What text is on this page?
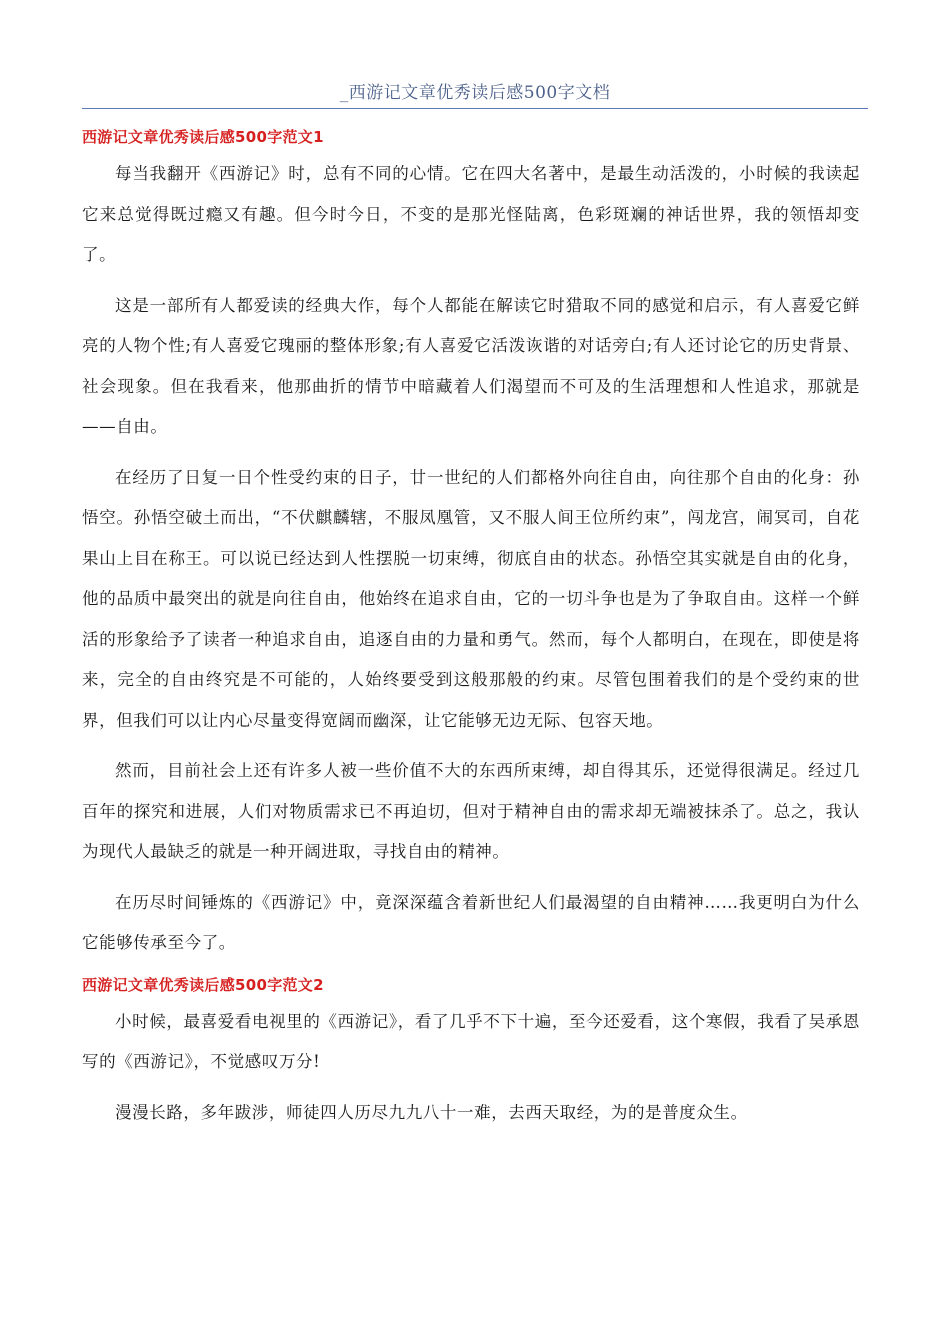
_西游记文章优秀读后感500字文档
西游记文章优秀读后感500字范文1

每当我翻开《西游记》时，总有不同的心情。它在四大名著中，是最生动活泼的，小时候的我读起它来总觉得既过瘾又有趣。但今时今日，不变的是那光怪陆离，色彩斑斓的神话世界，我的领悟却变了。

这是一部所有人都爱读的经典大作，每个人都能在解读它时猎取不同的感觉和启示，有人喜爱它鲜亮的人物个性;有人喜爱它瑰丽的整体形象;有人喜爱它活泼诙谐的对话旁白;有人还讨论它的历史背景、社会现象。但在我看来，他那曲折的情节中暗藏着人们渴望而不可及的生活理想和人性追求，那就是——自由。

在经历了日复一日个性受约束的日子，廿一世纪的人们都格外向往自由，向往那个自由的化身：孙悟空。孙悟空破土而出，“不伏麒麟辖，不服凤凰管，又不服人间王位所约束”，闯龙宫，闹冥司，自花果山上目在称王。可以说已经达到人性摆脱一切束缚，彻底自由的状态。孙悟空其实就是自由的化身，他的品质中最突出的就是向往自由，他始终在追求自由，它的一切斗争也是为了争取自由。这样一个鲜活的形象给予了读者一种追求自由，追逐自由的力量和勇气。然而，每个人都明白，在现在，即使是将来，完全的自由终究是不可能的，人始终要受到这般那般的约束。尽管包围着我们的是个受约束的世界，但我们可以让内心尽量变得宽阔而幽深，让它能够无边无际、包容天地。

然而，目前社会上还有许多人被一些价值不大的东西所束缚，却自得其乐，还觉得很满足。经过几百年的探究和进展，人们对物质需求已不再迫切，但对于精神自由的需求却无端被抹杀了。总之，我认为现代人最缺乏的就是一种开阔进取，寻找自由的精神。

在历尽时间锤炼的《西游记》中，竟深深蕴含着新世纪人们最渴望的自由精神……我更明白为什么它能够传承至今了。

西游记文章优秀读后感500字范文2

小时候，最喜爱看电视里的《西游记》，看了几乎不下十遍，至今还爱看，这个寒假，我看了吴承恩写的《西游记》，不觉感叹万分!

漫漫长路，多年跋涉，师徒四人历尽九九八十一难，去西天取经，为的是普度众生。
